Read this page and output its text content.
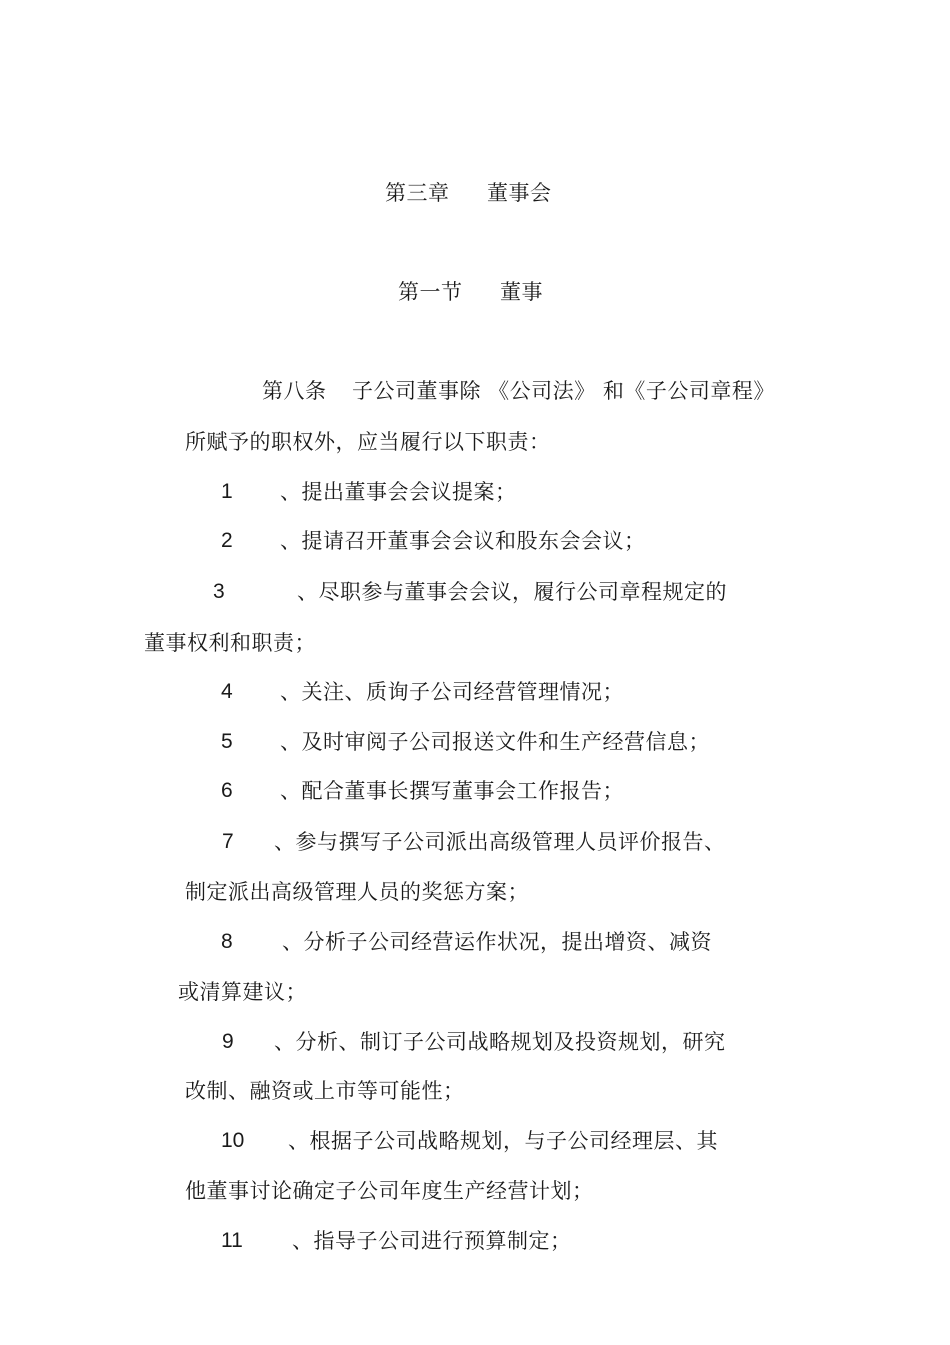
第三章 董事会
第一节 董事
第八条 子公司董事除 《公司法》 和《子公司章程》
所赋予的职权外，应当履行以下职责：
1 、提出董事会会议提案；
2 、提请召开董事会会议和股东会会议；
3	、尽职参与董事会会议，履行公司章程规定的
董事权利和职责；
4 、关注、质询子公司经营管理情况；
5 、及时审阅子公司报送文件和生产经营信息；
6 、配合董事长撰写董事会工作报告；
7 、参与撰写子公司派出高级管理人员评价报告、
制定派出高级管理人员的奖惩方案；
8 、分析子公司经营运作状况，提出增资、减资
或清算建议；
9 、分析、制订子公司战略规划及投资规划，研究
改制、融资或上市等可能性；
10 、根据子公司战略规划，与子公司经理层、其
他董事讨论确定子公司年度生产经营计划；
11 、指导子公司进行预算制定；
